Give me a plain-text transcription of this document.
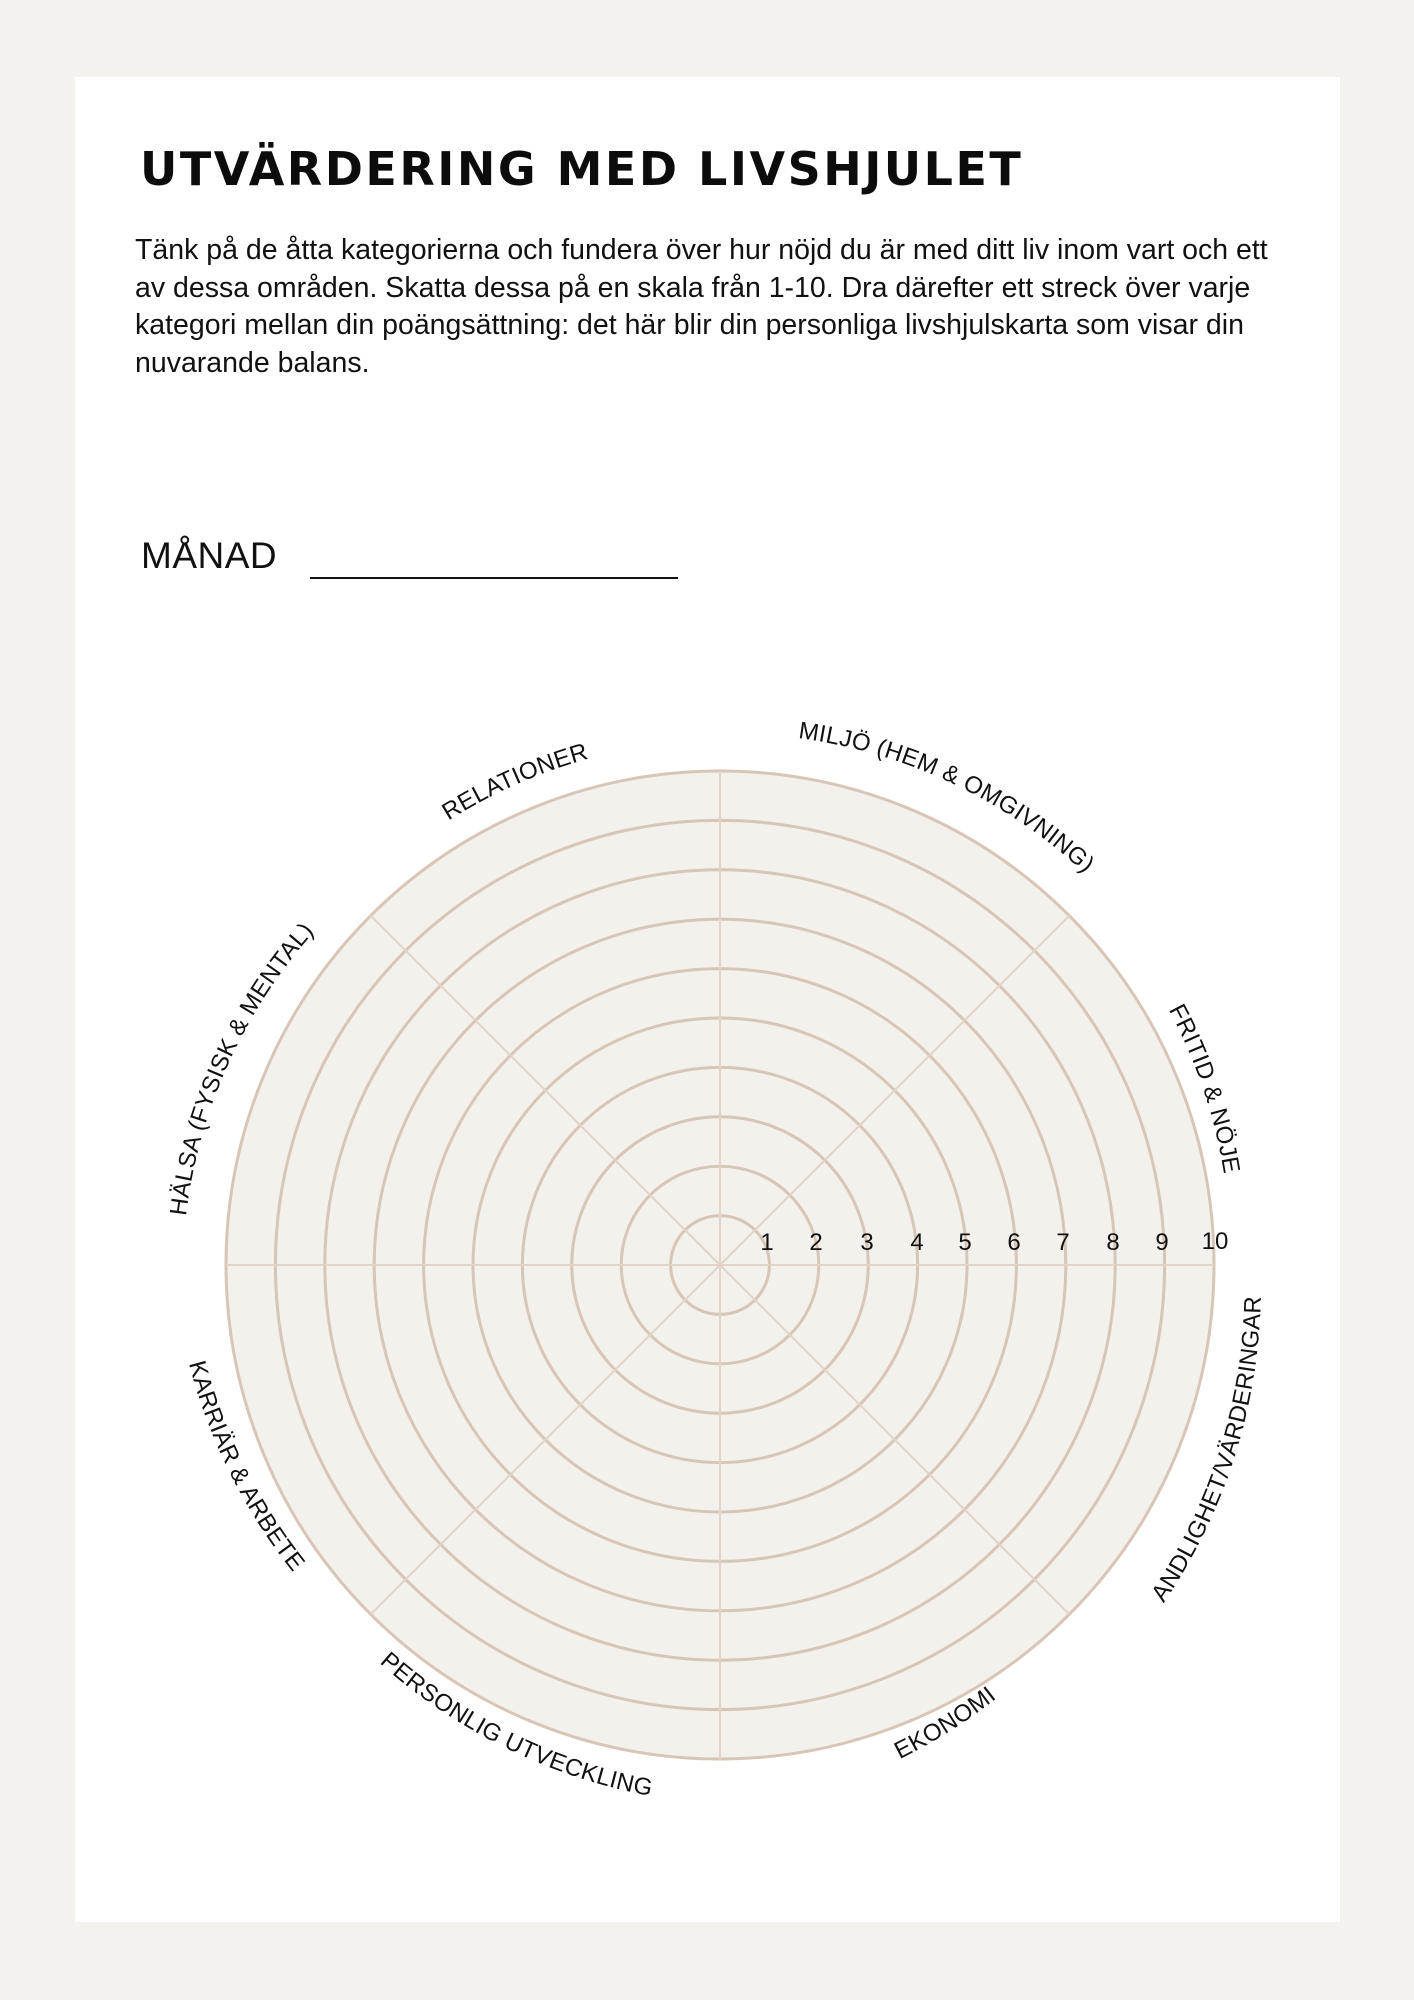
UTVÄRDERING MED LIVSHJULET

Tänk på de åtta kategorierna och fundera över hur nöjd du är med ditt liv inom vart och ett av dessa områden. Skatta dessa på en skala från 1-10. Dra därefter ett streck över varje kategori mellan din poängsättning: det här blir din personliga livshjulskarta som visar din nuvarande balans.

MÅNAD
1 2 3 4 5 6 7 8 9 10
MILJÖ (HEM & OMGIVNING)
FRITID & NÖJE
ANDLIGHET/VÄRDERINGAR
EKONOMI
PERSONLIG UTVECKLING
KARRIÄR & ARBETE
HÄLSA (FYSISK & MENTAL)
RELATIONER
